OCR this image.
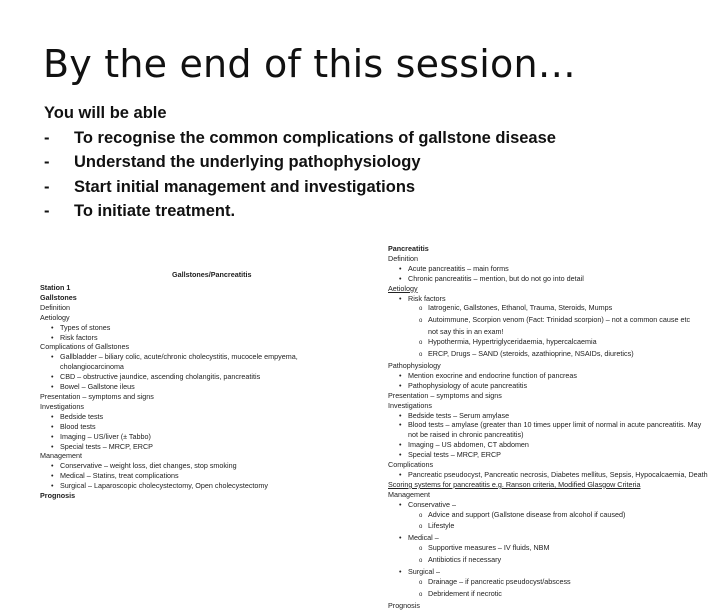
By the end of this session…
You will be able
-	To recognise the common complications of gallstone disease
-	Understand the underlying pathophysiology
-	Start initial management and investigations
-	To initiate treatment.
Gallstones/Pancreatitis
Station 1
Gallstones
Definition
Aetiology
• Types of stones
• Risk factors
Complications of Gallstones
• Gallbladder – biliary colic, acute/chronic cholecystitis, mucocele empyema,
cholangiocarcinoma
• CBD – obstructive jaundice, ascending cholangitis, pancreatitis
• Bowel – Gallstone ileus
Presentation – symptoms and signs
Investigations
• Bedside tests
• Blood tests
• Imaging – US/liver (± Tabbo)
• Special tests – MRCP, ERCP
Management
• Conservative – weight loss, diet changes, stop smoking
• Medical – Statins, treat complications
• Surgical – Laparoscopic cholecystectomy, Open cholecystectomy
Prognosis
Pancreatitis
Definition
• Acute pancreatitis – main forms
• Chronic pancreatitis – mention, but do not go into detail
Aetiology
• Risk factors
o Iatrogenic, Gallstones, Ethanol, Trauma, Steroids, Mumps
o Autoimmune, Scorpion venom (Fact: Trinidad scorpion) – not a common cause etc
not say this in an exam!
o Hypothermia, Hypertriglyceridaemia, hypercalcaemia
o ERCP, Drugs – SAND (steroids, azathioprine, NSAIDs, diuretics)
Pathophysiology
• Mention exocrine and endocrine function of pancreas
• Pathophysiology of acute pancreatitis
Presentation – symptoms and signs
Investigations
• Bedside tests – Serum amylase
• Blood tests – amylase (greater than 10 times upper limit of normal in acute pancreatitis. May
not be raised in chronic pancreatitis)
• Imaging – US abdomen, CT abdomen
• Special tests – MRCP, ERCP
Complications
• Pancreatic pseudocyst, Pancreatic necrosis, Diabetes mellitus, Sepsis, Hypocalcaemia, Death
Scoring systems for pancreatitis e.g. Ranson criteria, Modified Glasgow Criteria
Management
• Conservative –
o Advice and support (Gallstone disease from alcohol if caused)
o Lifestyle
• Medical –
o Supportive measures – IV fluids, NBM
o Antibiotics if necessary
• Surgical –
o Drainage – if pancreatic pseudocyst/abscess
o Debridement if necrotic
Prognosis
